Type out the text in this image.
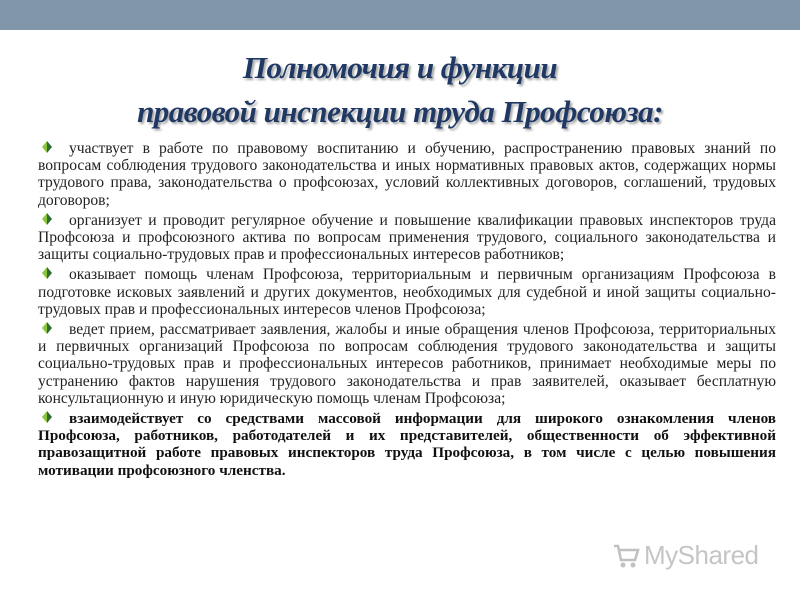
Полномочия и функции
правовой инспекции труда Профсоюза:
участвует в работе по правовому воспитанию и обучению, распространению правовых знаний по вопросам соблюдения трудового законодательства и иных нормативных правовых актов, содержащих нормы трудового права, законодательства о профсоюзах, условий коллективных договоров, соглашений, трудовых договоров;
организует и проводит регулярное обучение и повышение квалификации правовых инспекторов труда Профсоюза и профсоюзного актива по вопросам применения трудового, социального законодательства и защиты социально-трудовых прав и профессиональных интересов работников;
оказывает помощь членам Профсоюза, территориальным и первичным организациям Профсоюза в подготовке исковых заявлений и других документов, необходимых для судебной и иной защиты социально-трудовых прав и профессиональных интересов членов Профсоюза;
ведет прием, рассматривает заявления, жалобы и иные обращения членов Профсоюза, территориальных и первичных организаций Профсоюза по вопросам соблюдения трудового законодательства и защиты социально-трудовых прав и профессиональных интересов работников, принимает необходимые меры по устранению фактов нарушения трудового законодательства и прав заявителей, оказывает бесплатную консультационную и иную юридическую помощь членам Профсоюза;
взаимодействует со средствами массовой информации для широкого ознакомления членов Профсоюза, работников, работодателей и их представителей, общественности об эффективной правозащитной работе правовых инспекторов труда Профсоюза, в том числе с целью повышения мотивации профсоюзного членства.
MyShared
